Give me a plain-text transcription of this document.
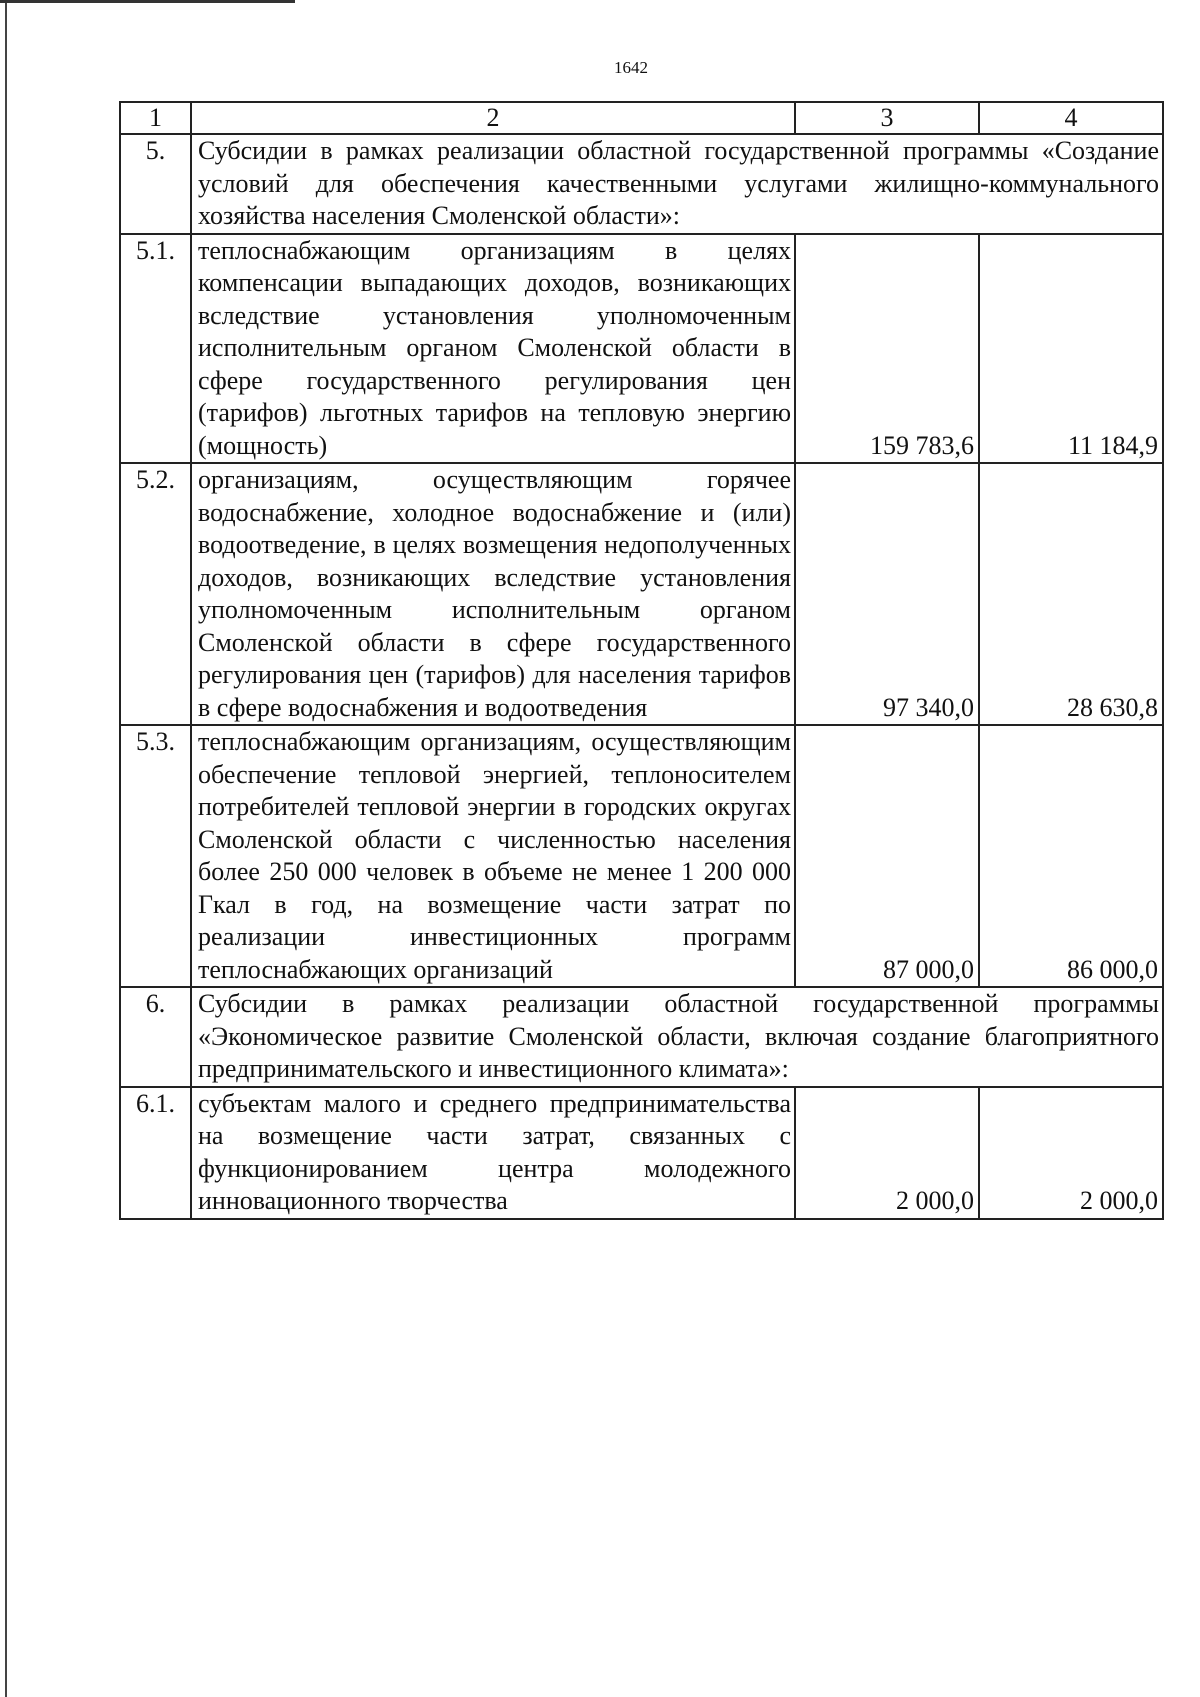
1642
1	2	3	4
5.	Субсидии в рамках реализации областной государственной программы «Создание условий для обеспечения качественными услугами жилищно-коммунального хозяйства населения Смоленской области»:		
5.1.	теплоснабжающим организациям в целях компенсации выпадающих доходов, возникающих вследствие установления уполномоченным исполнительным органом Смоленской области в сфере государственного регулирования цен (тарифов) льготных тарифов на тепловую энергию (мощность)	159 783,6	11 184,9
5.2.	организациям, осуществляющим горячее водоснабжение, холодное водоснабжение и (или) водоотведение, в целях возмещения недополученных доходов, возникающих вследствие установления уполномоченным исполнительным органом Смоленской области в сфере государственного регулирования цен (тарифов) для населения тарифов в сфере водоснабжения и водоотведения	97 340,0	28 630,8
5.3.	теплоснабжающим организациям, осуществляющим обеспечение тепловой энергией, теплоносителем потребителей тепловой энергии в городских округах Смоленской области с численностью населения более 250 000 человек в объеме не менее 1 200 000 Гкал в год, на возмещение части затрат по реализации инвестиционных программ теплоснабжающих организаций	87 000,0	86 000,0
6.	Субсидии в рамках реализации областной государственной программы «Экономическое развитие Смоленской области, включая создание благоприятного предпринимательского и инвестиционного климата»:		
6.1.	субъектам малого и среднего предпринимательства на возмещение части затрат, связанных с функционированием центра молодежного инновационного творчества	2 000,0	2 000,0
